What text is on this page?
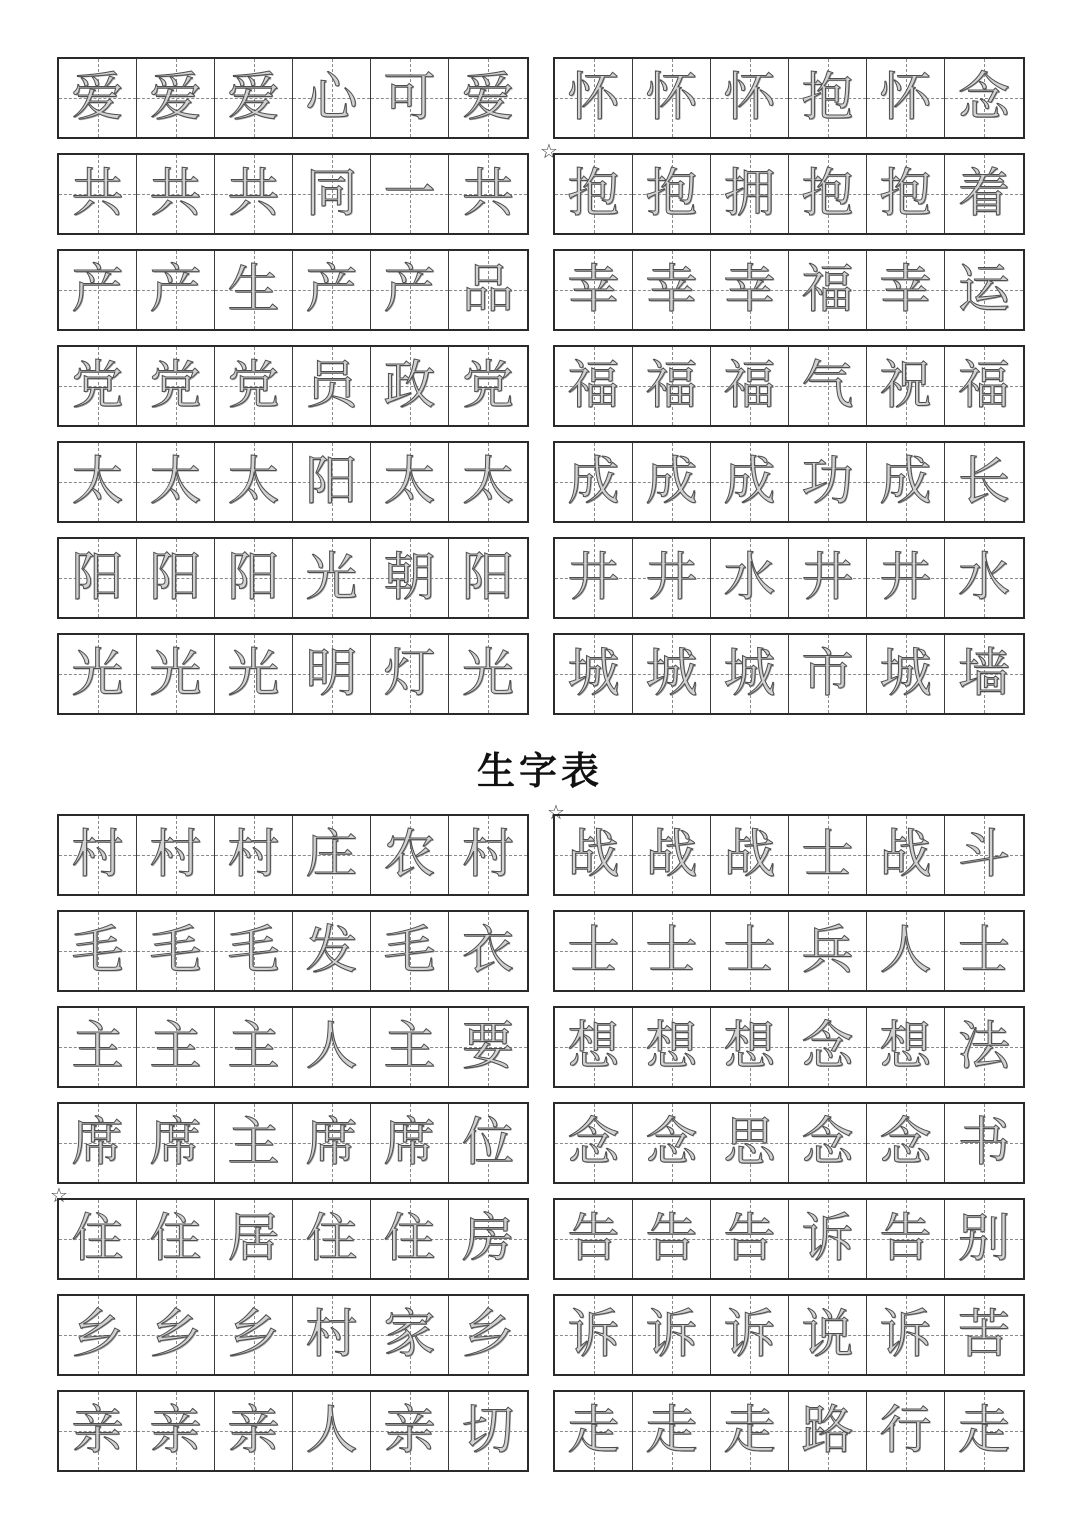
生字表
☆
☆
☆
爱 爱 爱 心 可 爱
共 共 共 同 一 共
产 产 生 产 产 品
党 党 党 员 政 党
太 太 太 阳 太 太
阳 阳 阳 光 朝 阳
光 光 光 明 灯 光
怀 怀 怀 抱 怀 念
抱 抱 拥 抱 抱 着
幸 幸 幸 福 幸 运
福 福 福 气 祝 福
成 成 成 功 成 长
井 井 水 井 井 水
城 城 城 市 城 墙
村 村 村 庄 农 村
毛 毛 毛 发 毛 衣
主 主 主 人 主 要
席 席 主 席 席 位
住 住 居 住 住 房
乡 乡 乡 村 家 乡
亲 亲 亲 人 亲 切
战 战 战 士 战 斗
士 士 士 兵 人 士
想 想 想 念 想 法
念 念 思 念 念 书
告 告 告 诉 告 别
诉 诉 诉 说 诉 苦
走 走 走 路 行 走
